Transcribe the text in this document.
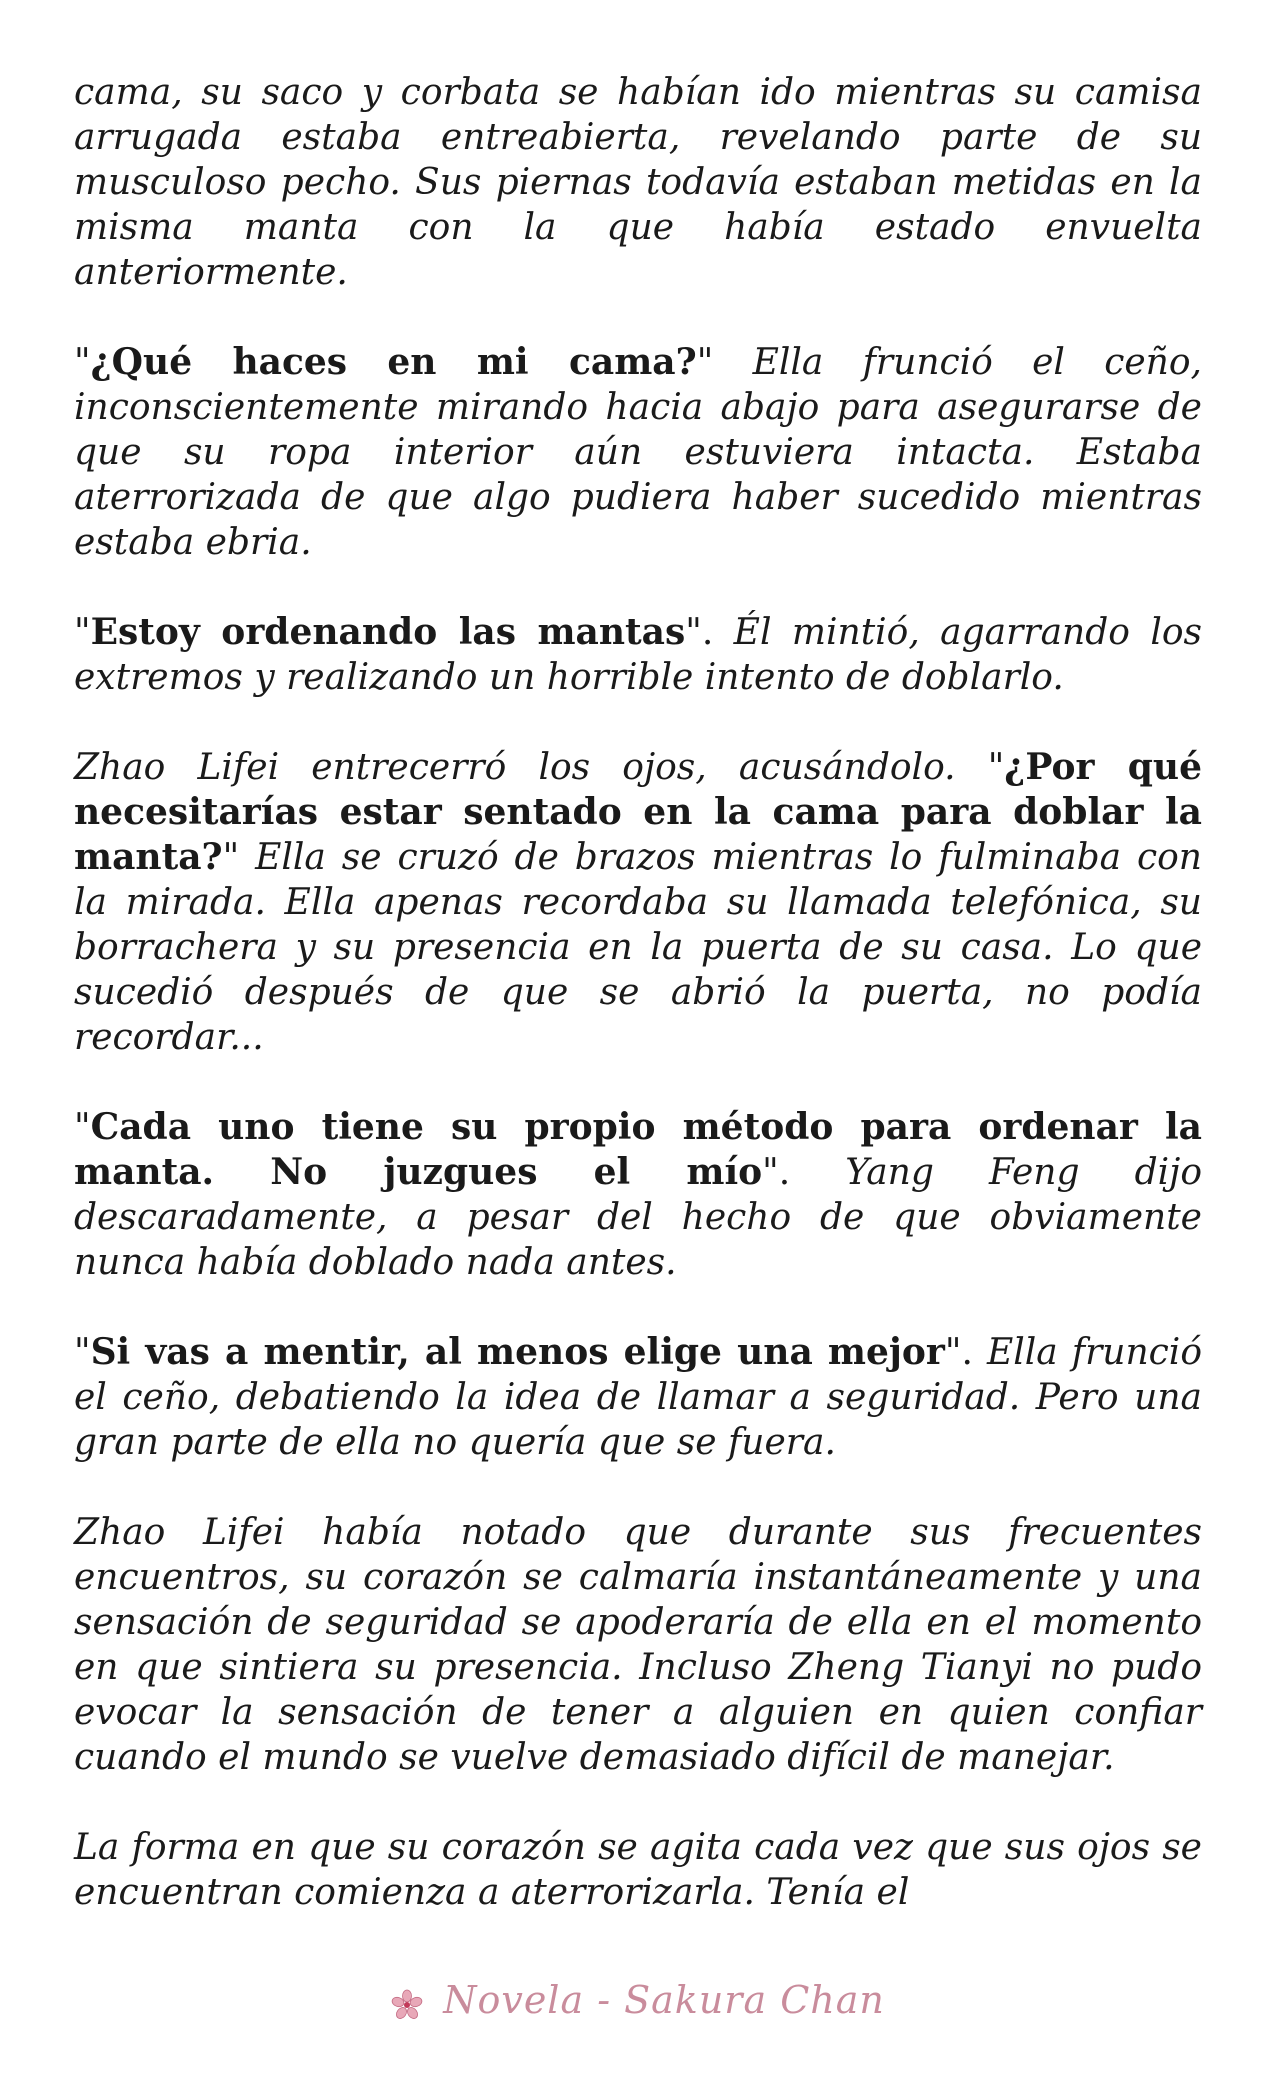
cama, su saco y corbata se habían ido mientras su camisa arrugada estaba entreabierta, revelando parte de su musculoso pecho. Sus piernas todavía estaban metidas en la misma manta con la que había estado envuelta anteriormente.

"¿Qué haces en mi cama?" Ella frunció el ceño, inconscientemente mirando hacia abajo para asegurarse de que su ropa interior aún estuviera intacta. Estaba aterrorizada de que algo pudiera haber sucedido mientras estaba ebria.

"Estoy ordenando las mantas". Él mintió, agarrando los extremos y realizando un horrible intento de doblarlo.

Zhao Lifei entrecerró los ojos, acusándolo. "¿Por qué necesitarías estar sentado en la cama para doblar la manta?" Ella se cruzó de brazos mientras lo fulminaba con la mirada. Ella apenas recordaba su llamada telefónica, su borrachera y su presencia en la puerta de su casa. Lo que sucedió después de que se abrió la puerta, no podía recordar...

"Cada uno tiene su propio método para ordenar la manta. No juzgues el mío". Yang Feng dijo descaradamente, a pesar del hecho de que obviamente nunca había doblado nada antes.

"Si vas a mentir, al menos elige una mejor". Ella frunció el ceño, debatiendo la idea de llamar a seguridad. Pero una gran parte de ella no quería que se fuera.

Zhao Lifei había notado que durante sus frecuentes encuentros, su corazón se calmaría instantáneamente y una sensación de seguridad se apoderaría de ella en el momento en que sintiera su presencia. Incluso Zheng Tianyi no pudo evocar la sensación de tener a alguien en quien confiar cuando el mundo se vuelve demasiado difícil de manejar.

La forma en que su corazón se agita cada vez que sus ojos se encuentran comienza a aterrorizarla. Tenía el

Novela - Sakura Chan
